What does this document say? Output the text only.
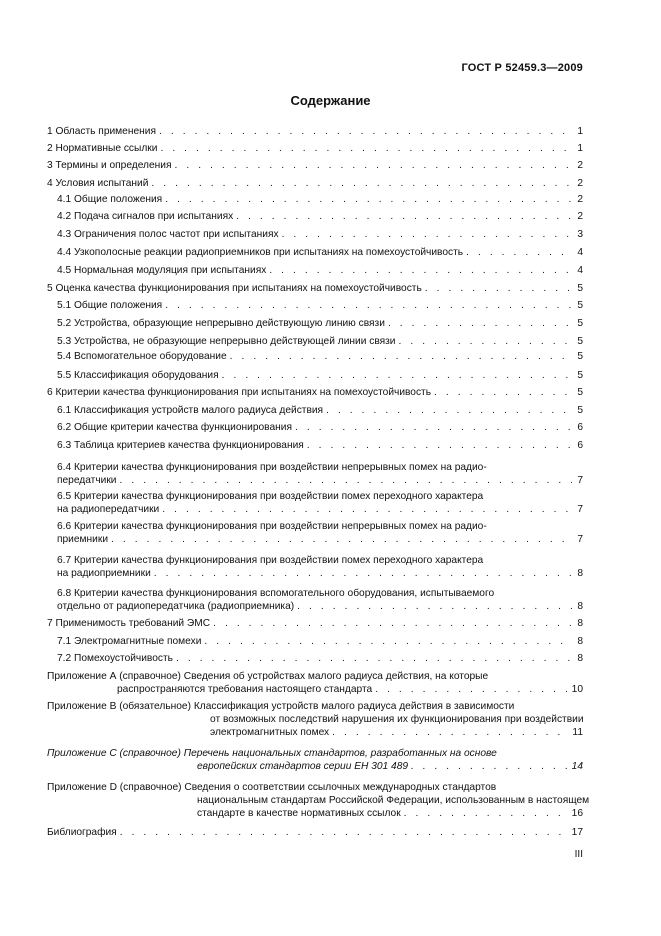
ГОСТ Р 52459.3—2009
Содержание
1 Область применения . . .	1
2 Нормативные ссылки . . .	1
3 Термины и определения . . .	2
4 Условия испытаний . . .	2
4.1 Общие положения . . .	2
4.2 Подача сигналов при испытаниях . . .	2
4.3 Ограничения полос частот при испытаниях . . .	3
4.4 Узкополосные реакции радиоприемников при испытаниях на помехоустойчивость . . .	4
4.5 Нормальная модуляция при испытаниях . . .	4
5 Оценка качества функционирования при испытаниях на помехоустойчивость . . .	5
5.1 Общие положения . . .	5
5.2 Устройства, образующие непрерывно действующую линию связи . . .	5
5.3 Устройства, не образующие непрерывно действующей линии связи . . .	5
5.4 Вспомогательное оборудование . . .	5
5.5 Классификация оборудования . . .	5
6 Критерии качества функционирования при испытаниях на помехоустойчивость . . .	5
6.1 Классификация устройств малого радиуса действия . . .	5
6.2 Общие критерии качества функционирования . . .	6
6.3 Таблица критериев качества функционирования . . .	6
6.4 Критерии качества функционирования при воздействии непрерывных помех на радио-
передатчики . . .	7
6.5 Критерии качества функционирования при воздействии помех переходного характера
на радиопередатчики . . .	7
6.6 Критерии качества функционирования при воздействии непрерывных помех на радио-
приемники . . .	7
6.7 Критерии качества функционирования при воздействии помех переходного характера
на радиоприемники . . .	8
6.8 Критерии качества функционирования вспомогательного оборудования, испытываемого
отдельно от радиопередатчика (радиоприемника) . . .	8
7 Применимость требований ЭМС . . .	8
7.1 Электромагнитные помехи . . .	8
7.2 Помехоустойчивость . . .	8
Приложение А (справочное) Сведения об устройствах малого радиуса действия, на которые
распространяются требования настоящего стандарта . . .	10
Приложение В (обязательное) Классификация устройств малого радиуса действия в зависимости
от возможных последствий нарушения их функционирования при воздействии
электромагнитных помех . . .	11
Приложение С (справочное) Перечень национальных стандартов, разработанных на основе
европейских стандартов серии ЕН 301 489 . . .	14
Приложение D (справочное) Сведения о соответствии ссылочных международных стандартов
национальным стандартам Российской Федерации, использованным в настоящем
стандарте в качестве нормативных ссылок . . .	16
Библиография . . .	17
III
